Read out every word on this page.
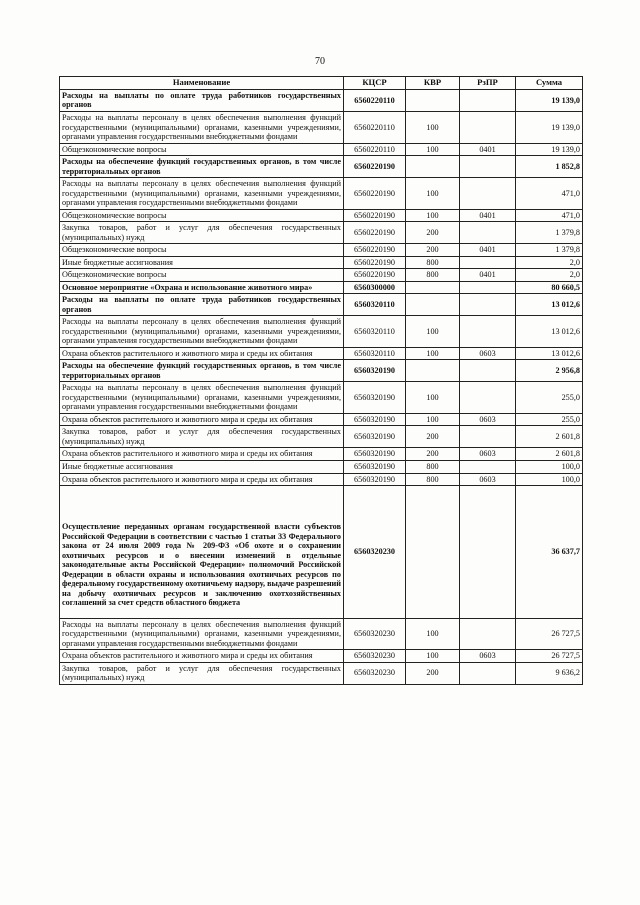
70
Наименование	КЦСР	КВР	РзПР	Сумма
Расходы на выплаты по оплате труда работников государственных органов	6560220110			19 139,0
Расходы на выплаты персоналу в целях обеспечения выполнения функций государственными (муниципальными) органами, казенными учреждениями, органами управления государственными внебюджетными фондами	6560220110	100		19 139,0
Общеэкономические вопросы	6560220110	100	0401	19 139,0
Расходы на обеспечение функций государственных органов, в том числе территориальных органов	6560220190			1 852,8
Расходы на выплаты персоналу в целях обеспечения выполнения функций государственными (муниципальными) органами, казенными учреждениями, органами управления государственными внебюджетными фондами	6560220190	100		471,0
Общеэкономические вопросы	6560220190	100	0401	471,0
Закупка товаров, работ и услуг для обеспечения государственных (муниципальных) нужд	6560220190	200		1 379,8
Общеэкономические вопросы	6560220190	200	0401	1 379,8
Иные бюджетные ассигнования	6560220190	800		2,0
Общеэкономические вопросы	6560220190	800	0401	2,0
Основное мероприятие «Охрана и использование животного мира»	6560300000			80 660,5
Расходы на выплаты по оплате труда работников государственных органов	6560320110			13 012,6
Расходы на выплаты персоналу в целях обеспечения выполнения функций государственными (муниципальными) органами, казенными учреждениями, органами управления государственными внебюджетными фондами	6560320110	100		13 012,6
Охрана объектов растительного и животного мира и среды их обитания	6560320110	100	0603	13 012,6
Расходы на обеспечение функций государственных органов, в том числе территориальных органов	6560320190			2 956,8
Расходы на выплаты персоналу в целях обеспечения выполнения функций государственными (муниципальными) органами, казенными учреждениями, органами управления государственными внебюджетными фондами	6560320190	100		255,0
Охрана объектов растительного и животного мира и среды их обитания	6560320190	100	0603	255,0
Закупка товаров, работ и услуг для обеспечения государственных (муниципальных) нужд	6560320190	200		2 601,8
Охрана объектов растительного и животного мира и среды их обитания	6560320190	200	0603	2 601,8
Иные бюджетные ассигнования	6560320190	800		100,0
Охрана объектов растительного и животного мира и среды их обитания	6560320190	800	0603	100,0
Осуществление переданных органам государственной власти субъектов Российской Федерации в соответствии с частью 1 статьи 33 Федерального закона от 24 июля 2009 года № 209-ФЗ «Об охоте и о сохранении охотничьих ресурсов и о внесении изменений в отдельные законодательные акты Российской Федерации» полномочий Российской Федерации в области охраны и использования охотничьих ресурсов по федеральному государственному охотничьему надзору, выдаче разрешений на добычу охотничьих ресурсов и заключению охотхозяйственных соглашений за счет средств областного бюджета	6560320230			36 637,7
Расходы на выплаты персоналу в целях обеспечения выполнения функций государственными (муниципальными) органами, казенными учреждениями, органами управления государственными внебюджетными фондами	6560320230	100		26 727,5
Охрана объектов растительного и животного мира и среды их обитания	6560320230	100	0603	26 727,5
Закупка товаров, работ и услуг для обеспечения государственных (муниципальных) нужд	6560320230	200		9 636,2
